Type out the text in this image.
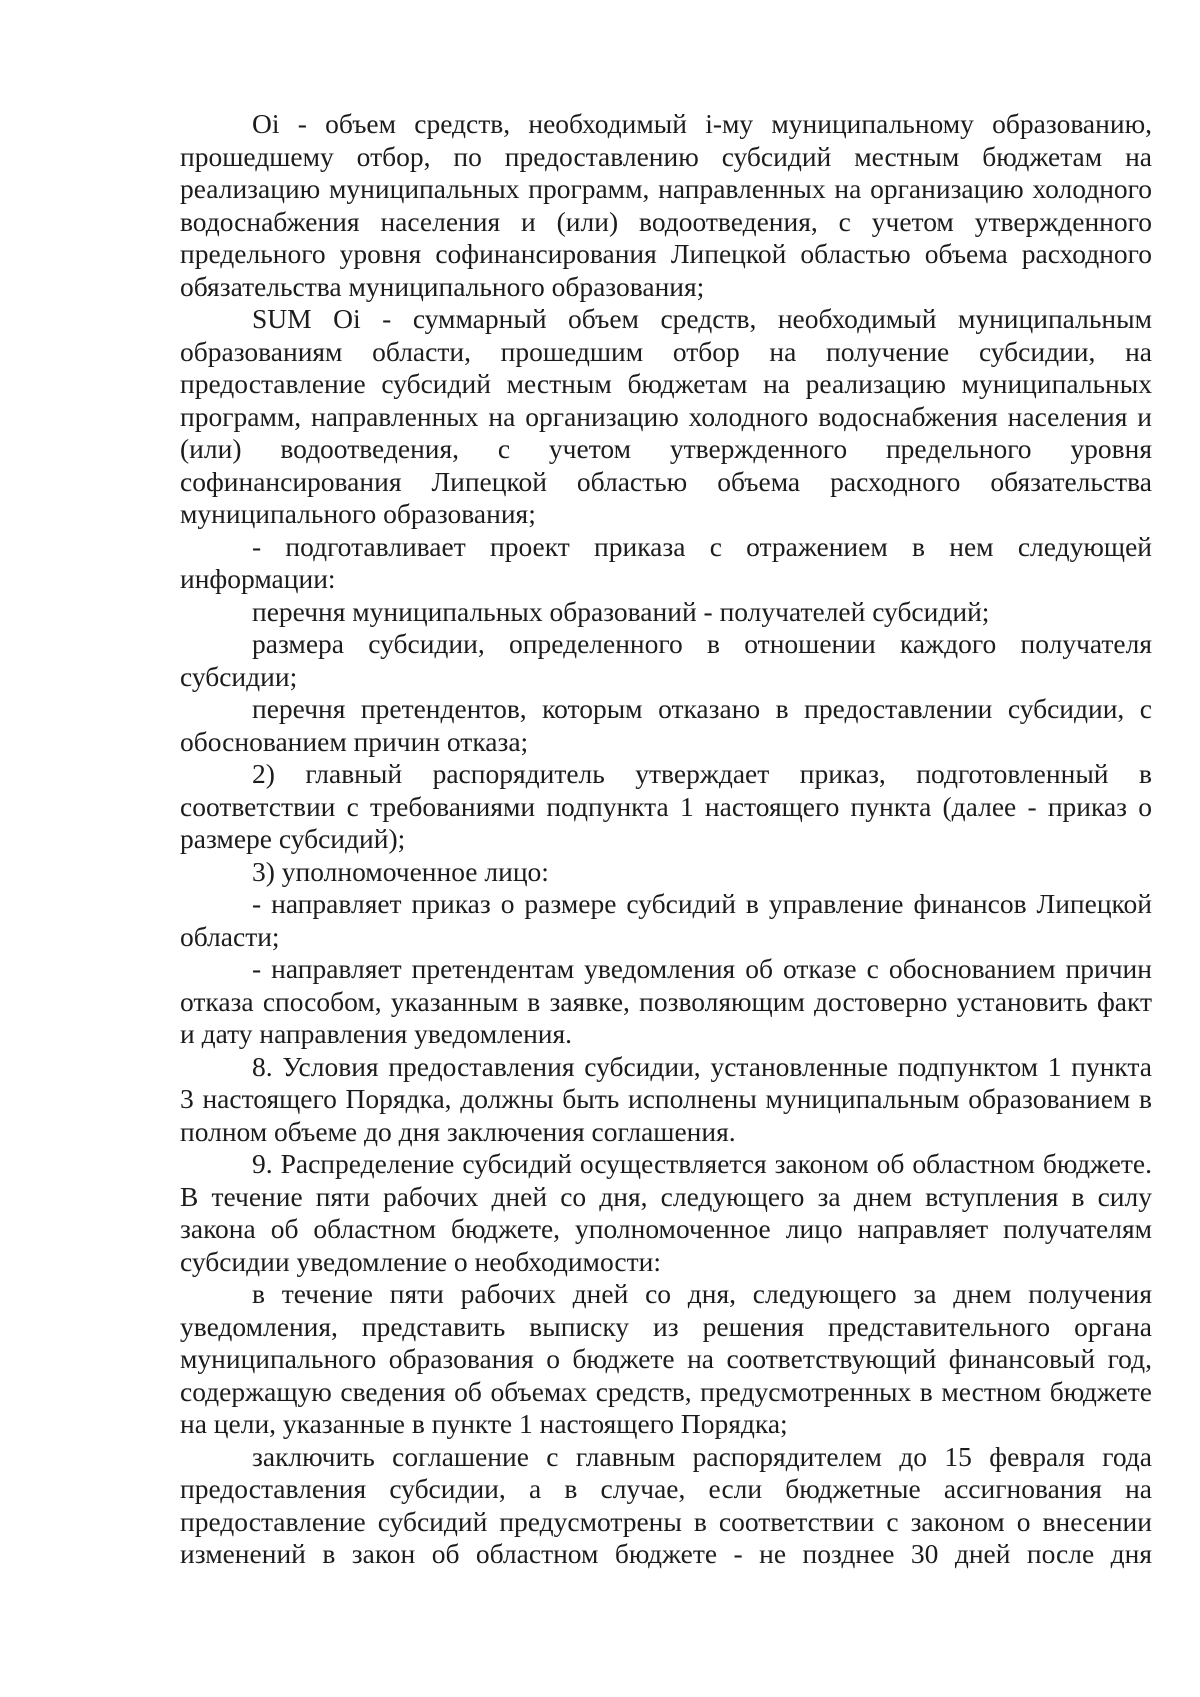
Oi - объем средств, необходимый i-му муниципальному образованию, прошедшему отбор, по предоставлению субсидий местным бюджетам на реализацию муниципальных программ, направленных на организацию холодного водоснабжения населения и (или) водоотведения, с учетом утвержденного предельного уровня софинансирования Липецкой областью объема расходного обязательства муниципального образования;

SUM Oi - суммарный объем средств, необходимый муниципальным образованиям области, прошедшим отбор на получение субсидии, на предоставление субсидий местным бюджетам на реализацию муниципальных программ, направленных на организацию холодного водоснабжения населения и (или) водоотведения, с учетом утвержденного предельного уровня софинансирования Липецкой областью объема расходного обязательства муниципального образования;

- подготавливает проект приказа с отражением в нем следующей информации:

перечня муниципальных образований - получателей субсидий;

размера субсидии, определенного в отношении каждого получателя субсидии;

перечня претендентов, которым отказано в предоставлении субсидии, с обоснованием причин отказа;

2) главный распорядитель утверждает приказ, подготовленный в соответствии с требованиями подпункта 1 настоящего пункта (далее - приказ о размере субсидий);

3) уполномоченное лицо:

- направляет приказ о размере субсидий в управление финансов Липецкой области;

- направляет претендентам уведомления об отказе с обоснованием причин отказа способом, указанным в заявке, позволяющим достоверно установить факт и дату направления уведомления.

8. Условия предоставления субсидии, установленные подпунктом 1 пункта 3 настоящего Порядка, должны быть исполнены муниципальным образованием в полном объеме до дня заключения соглашения.

9. Распределение субсидий осуществляется законом об областном бюджете. В течение пяти рабочих дней со дня, следующего за днем вступления в силу закона об областном бюджете, уполномоченное лицо направляет получателям субсидии уведомление о необходимости:

в течение пяти рабочих дней со дня, следующего за днем получения уведомления, представить выписку из решения представительного органа муниципального образования о бюджете на соответствующий финансовый год, содержащую сведения об объемах средств, предусмотренных в местном бюджете на цели, указанные в пункте 1 настоящего Порядка;

заключить соглашение с главным распорядителем до 15 февраля года предоставления субсидии, а в случае, если бюджетные ассигнования на предоставление субсидий предусмотрены в соответствии с законом о внесении изменений в закон об областном бюджете - не позднее 30 дней после дня
